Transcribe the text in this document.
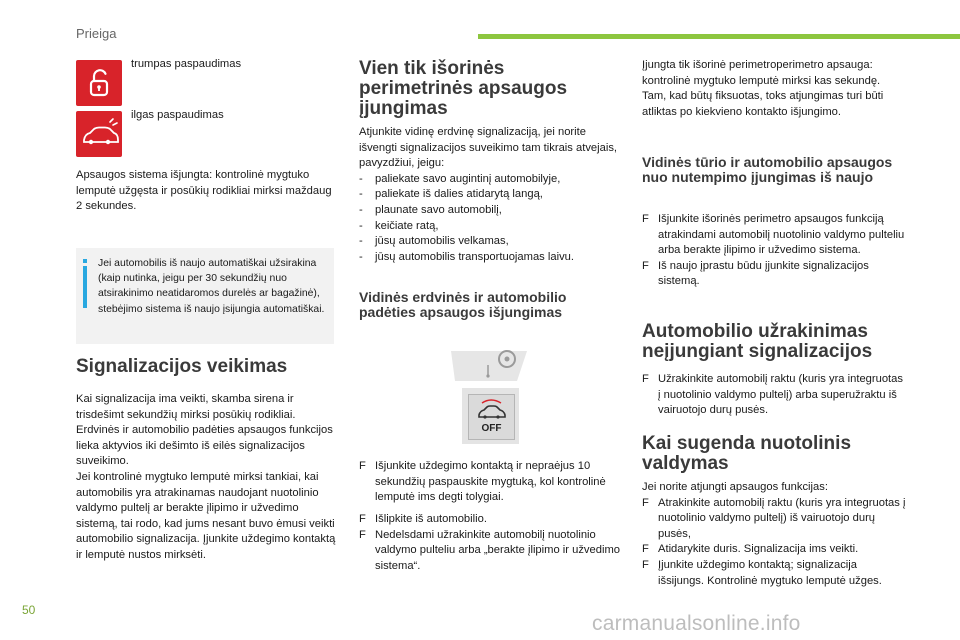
Prieiga
trumpas paspaudimas
ilgas paspaudimas

Apsaugos sistema išjungta: kontrolinė mygtuko lemputė užgęsta ir posūkių rodikliai mirksi maždaug 2 sekundes.

Jei automobilis iš naujo automatiškai užsirakina (kaip nutinka, jeigu per 30 sekundžių nuo atsirakinimo neatidaromos durelės ar bagažinė), stebėjimo sistema iš naujo įsijungia automatiškai.
Signalizacijos veikimas

Kai signalizacija ima veikti, skamba sirena ir trisdešimt sekundžių mirksi posūkių rodikliai.

Erdvinės ir automobilio padėties apsaugos funkcijos lieka aktyvios iki dešimto iš eilės signalizacijos suveikimo.

Jei kontrolinė mygtuko lemputė mirksi tankiai, kai automobilis yra atrakinamas naudojant nuotolinio valdymo pultelį ar berakte įlipimo ir užvedimo sistemą, tai rodo, kad jums nesant buvo ėmusi veikti automobilio signalizacija. Įjunkite uždegimo kontaktą ir lemputė nustos mirksėti.

Vien tik išorinės perimetrinės apsaugos įjungimas

Atjunkite vidinę erdvinę signalizaciją, jei norite išvengti signalizacijos suveikimo tam tikrais atvejais, pavyzdžiui, jeigu:

- paliekate savo augintinį automobilyje,
- paliekate iš dalies atidarytą langą,
- plaunate savo automobilį,
- keičiate ratą,
- jūsų automobilis velkamas,
- jūsų automobilis transportuojamas laivu.
Vidinės erdvinės ir automobilio padėties apsaugos išjungimas
OFF
F Išjunkite uždegimo kontaktą ir nepraėjus 10 sekundžių paspauskite mygtuką, kol kontrolinė lemputė ims degti tolygiai.
F Išlipkite iš automobilio.
F Nedelsdami užrakinkite automobilį nuotolinio valdymo pulteliu arba „berakte įlipimo ir užvedimo sistema“.

Įjungta tik išorinė perimetroperimetro apsauga: kontrolinė mygtuko lemputė mirksi kas sekundę.

Tam, kad būtų fiksuotas, toks atjungimas turi būti atliktas po kiekvieno kontakto išjungimo.

Vidinės tūrio ir automobilio apsaugos nuo nutempimo įjungimas iš naujo
F Išjunkite išorinės perimetro apsaugos funkciją atrakindami automobilį nuotolinio valdymo pulteliu arba berakte įlipimo ir užvedimo sistema.
F Iš naujo įprastu būdu įjunkite signalizacijos sistemą.
Automobilio užrakinimas neįjungiant signalizacijos
F Užrakinkite automobilį raktu (kuris yra integruotas į nuotolinio valdymo pultelį) arba superužraktu iš vairuotojo durų pusės.
Kai sugenda nuotolinis valdymas

Jei norite atjungti apsaugos funkcijas:

F Atrakinkite automobilį raktu (kuris yra integruotas į nuotolinio valdymo pultelį) iš vairuotojo durų pusės,
F Atidarykite duris. Signalizacija ims veikti.
F Įjunkite uždegimo kontaktą; signalizacija išsijungs. Kontrolinė mygtuko lemputė užges.
50
carmanualsonline.info
